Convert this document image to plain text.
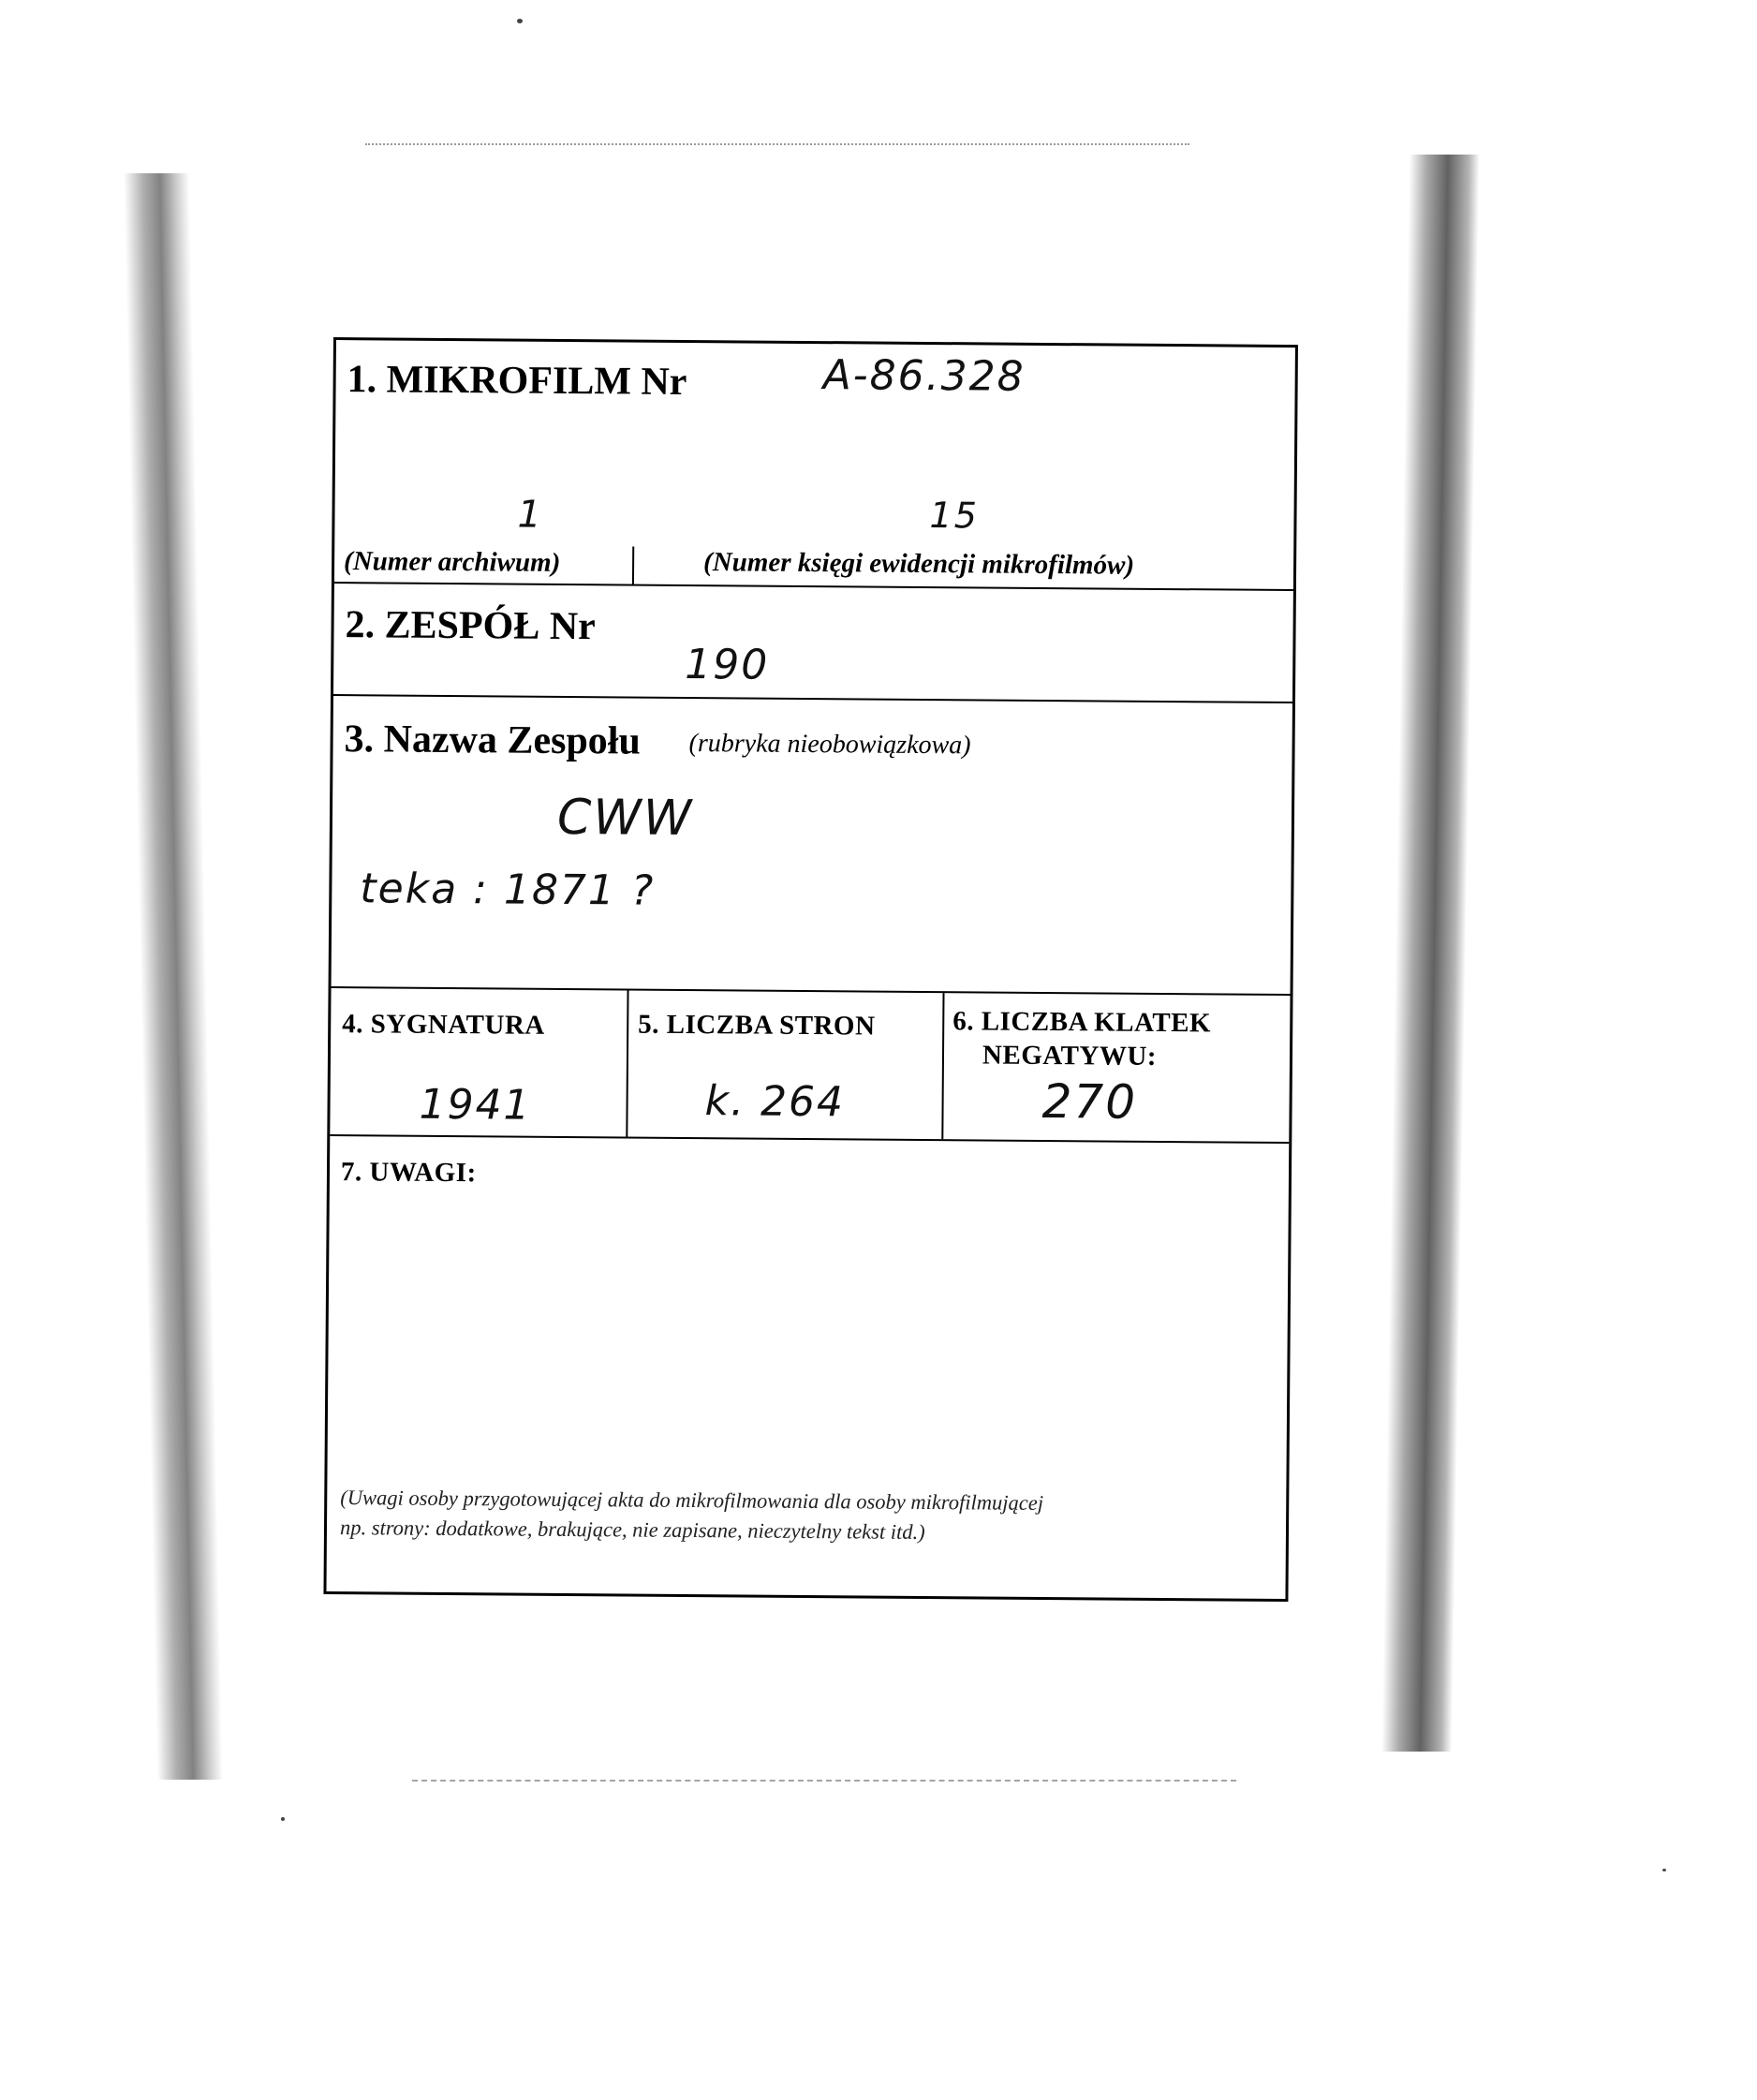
1. MIKROFILM Nr	A-86.328
1	15
(Numer archiwum)	(Numer księgi ewidencji mikrofilmów)
2. ZESPÓŁ Nr
190
3. Nazwa Zespołu (rubryka nieobowiązkowa)
CWW
teka : 1871 ?
4. SYGNATURA
1941
5. LICZBA STRON
k. 264
6. LICZBA KLATEK
NEGATYWU:
270
7. UWAGI:
(Uwagi osoby przygotowującej akta do mikrofilmowania dla osoby mikrofilmującej
np. strony: dodatkowe, brakujące, nie zapisane, nieczytelny tekst itd.)
